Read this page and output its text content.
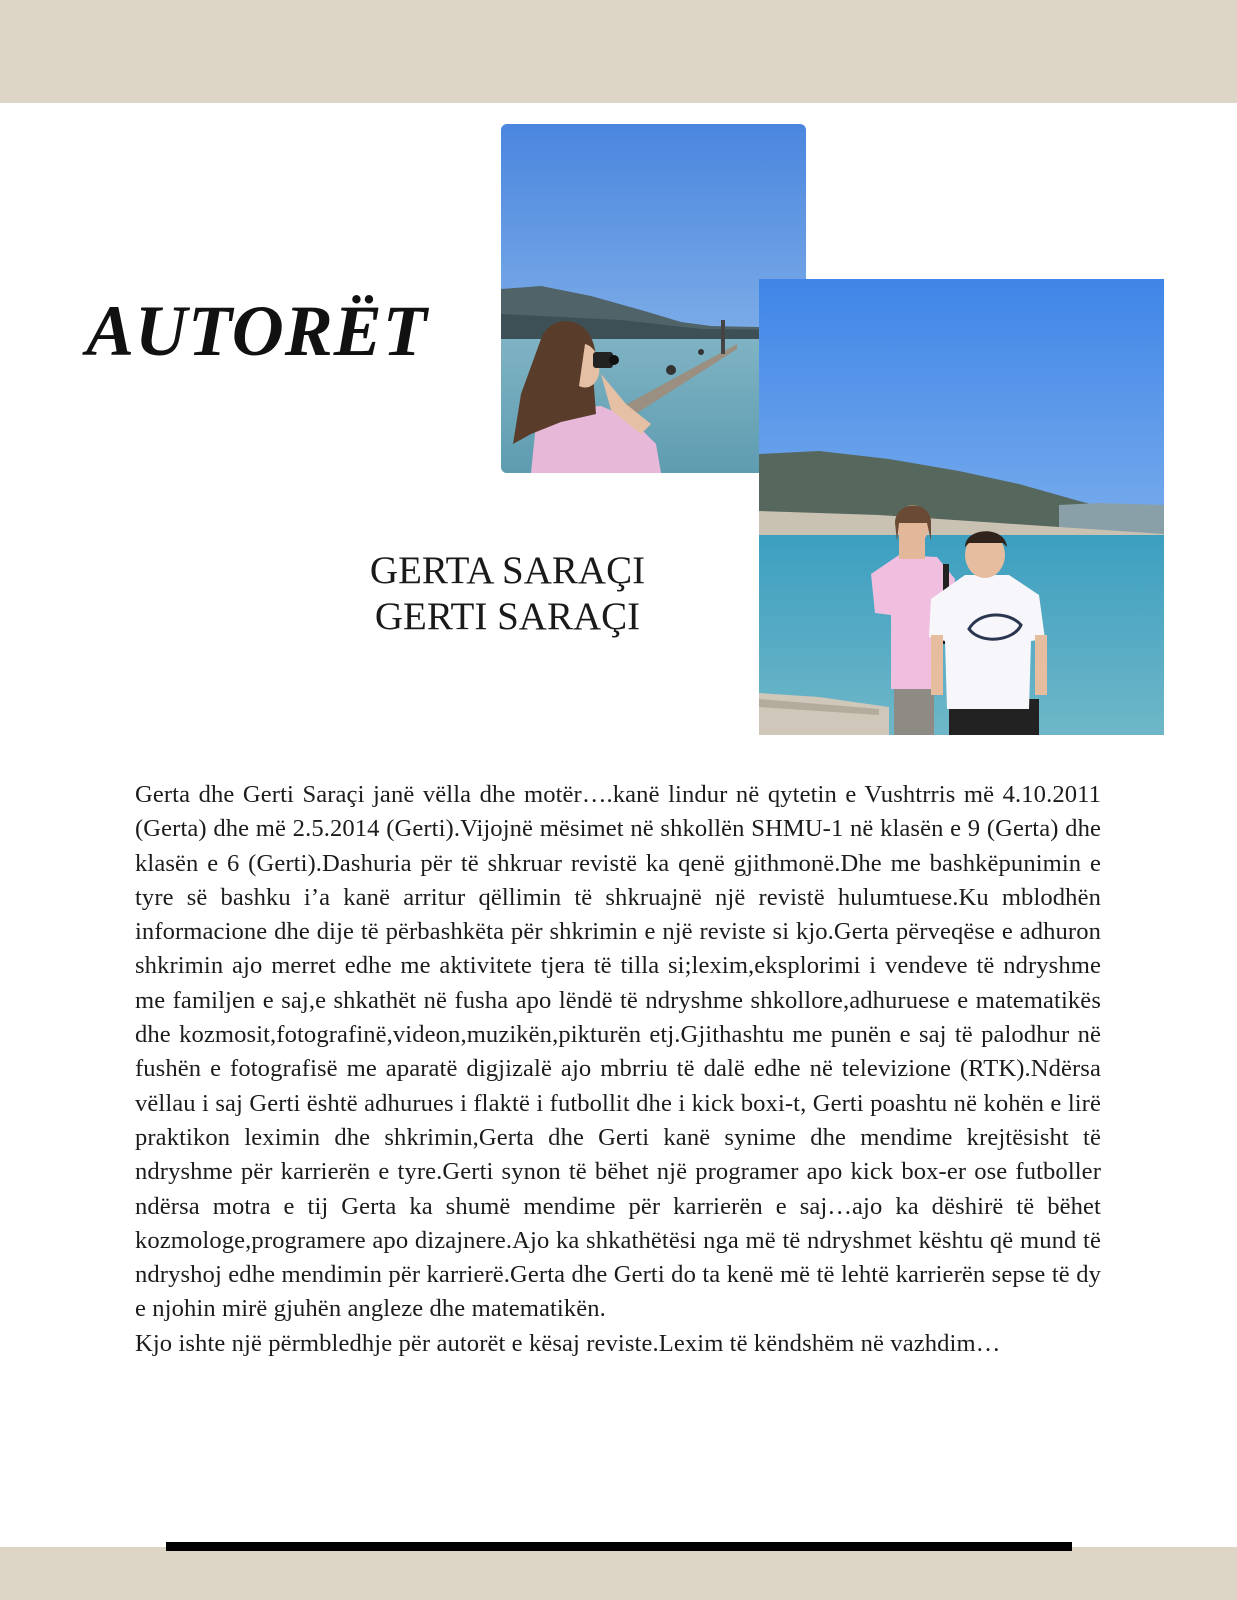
AUTORËT
GERTA SARAÇI
GERTI SARAÇI

Gerta dhe Gerti Saraçi janë vëlla dhe motër….kanë lindur në qytetin e Vushtrris më 4.10.2011 (Gerta) dhe më 2.5.2014 (Gerti).Vijojnë mësimet në shkollën SHMU-1 në klasën e 9 (Gerta) dhe klasën e 6 (Gerti).Dashuria për të shkruar revistë ka qenë gjithmonë.Dhe me bashkëpunimin e tyre së bashku i’a kanë arritur qëllimin të shkruajnë një revistë hulumtuese.Ku mblodhën informacione dhe dije të përbashkëta për shkrimin e një reviste si kjo.Gerta përveqëse e adhuron shkrimin ajo merret edhe me aktivitete tjera të tilla si;lexim,eksplorimi i vendeve të ndryshme me familjen e saj,e shkathët në fusha apo lëndë të ndryshme shkollore,adhuruese e matematikës dhe kozmosit,fotografinë,videon,muzikën,pikturën etj.Gjithashtu me punën e saj të palodhur në fushën e fotografisë me aparatë digjizalë ajo mbrriu të dalë edhe në televizione (RTK).Ndërsa vëllau i saj Gerti është adhurues i flaktë i futbollit dhe i kick boxi-t, Gerti poashtu në kohën e lirë praktikon leximin dhe shkrimin,Gerta dhe Gerti kanë synime dhe mendime krejtësisht të ndryshme për karrierën e tyre.Gerti synon të bëhet një programer apo kick box-er ose futboller ndërsa motra e tij Gerta ka shumë mendime për karrierën e saj…ajo ka dëshirë të bëhet kozmologe,programere apo dizajnere.Ajo ka shkathëtësi nga më të ndryshmet kështu që mund të ndryshoj edhe mendimin për karrierë.Gerta dhe Gerti do ta kenë më të lehtë karrierën sepse të dy e njohin mirë gjuhën angleze dhe matematikën.

Kjo ishte një përmbledhje për autorët e kësaj reviste.Lexim të këndshëm në vazhdim…
